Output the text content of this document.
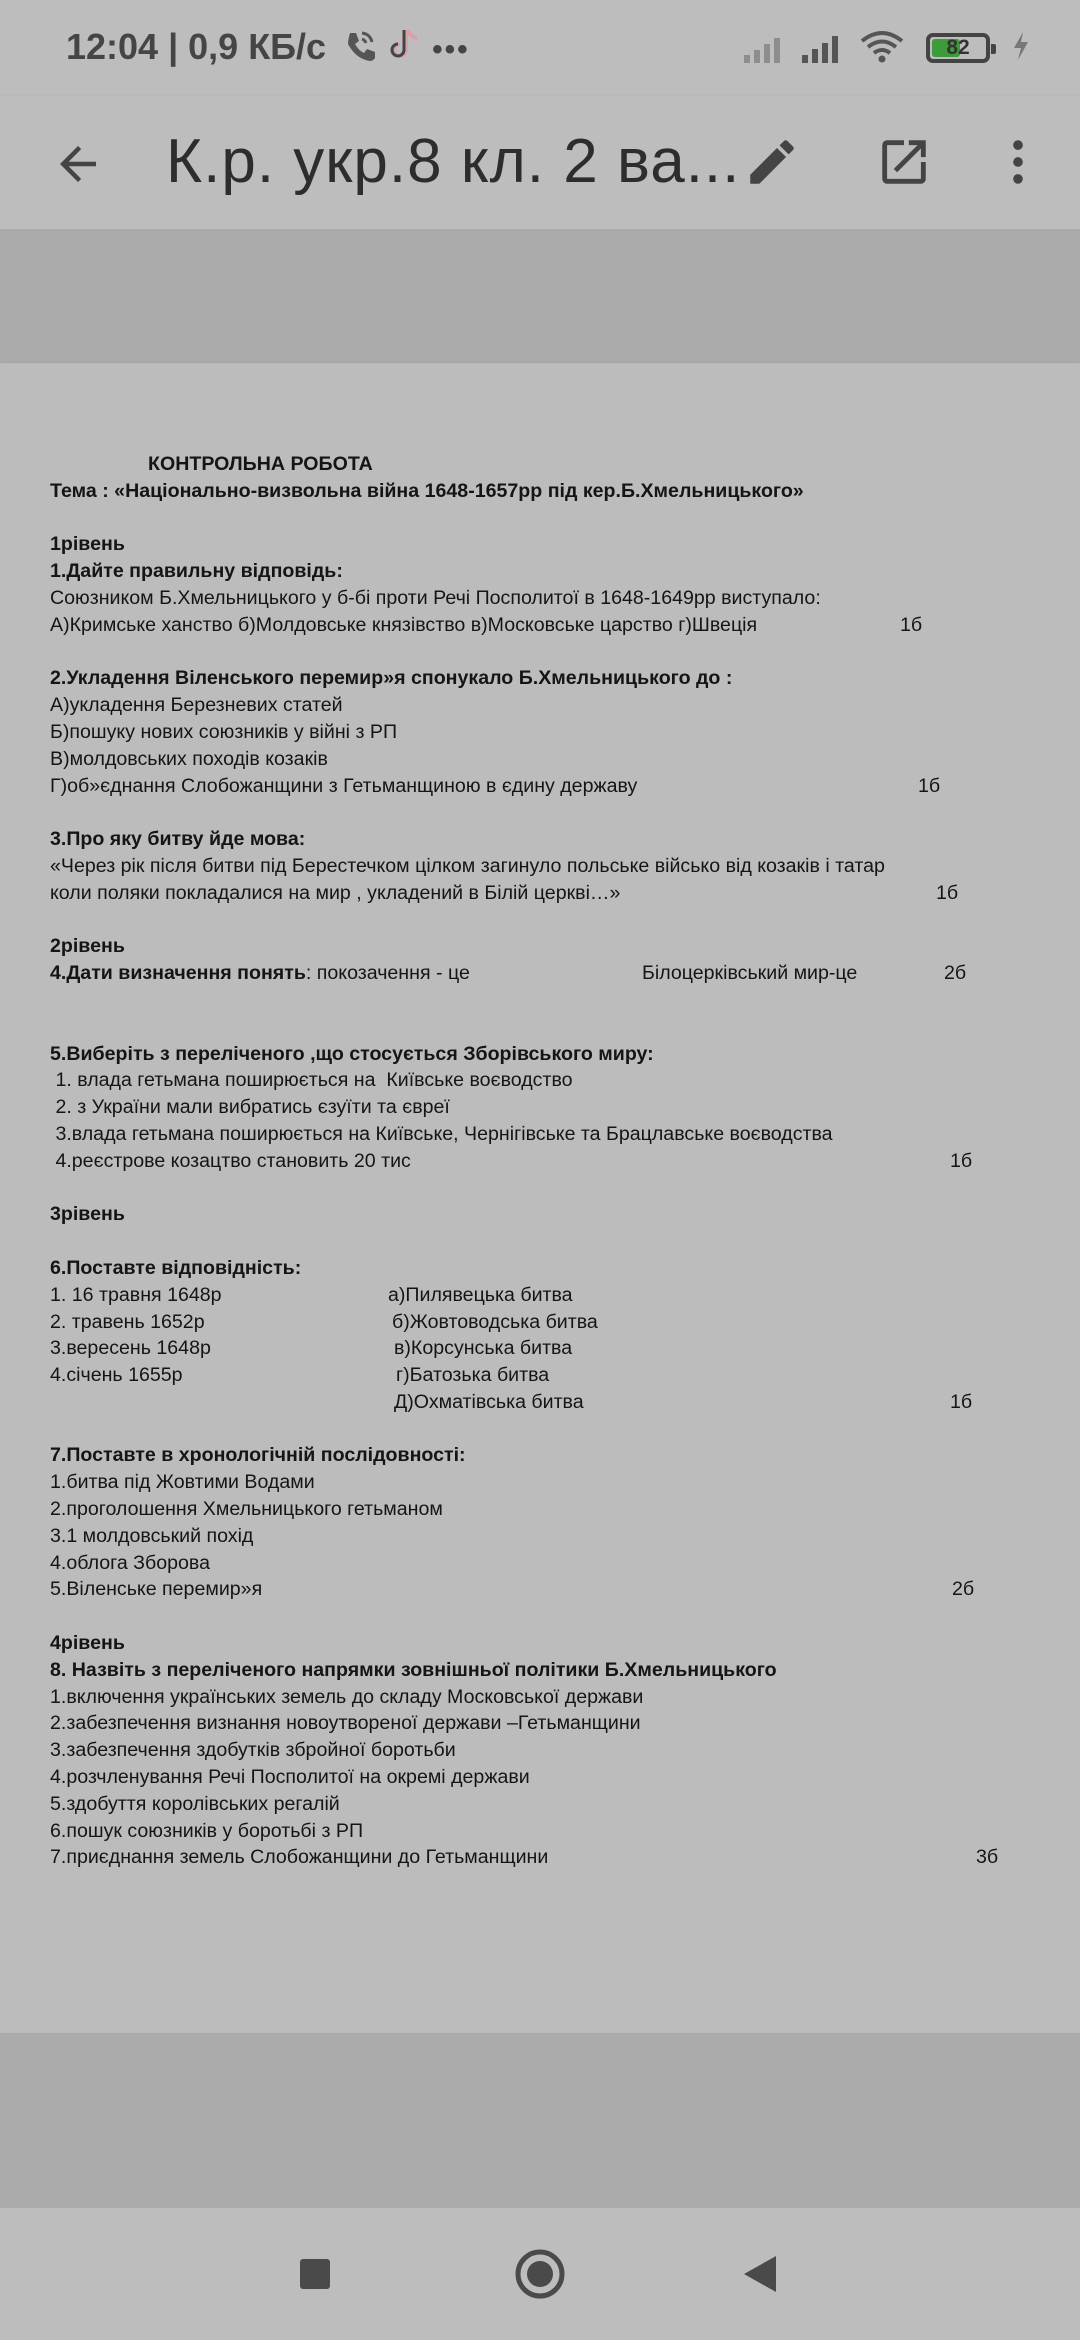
12:04 | 0,9 КБ/с	•••	82
К.р. укр.8 кл. 2 ва...
КОНТРОЛЬНА РОБОТА
Тема : «Національно-визвольна війна 1648-1657рр під кер.Б.Хмельницького»
1рівень
1.Дайте правильну відповідь:
Союзником Б.Хмельницького у б-бі проти Речі Посполитої в 1648-1649рр виступало:
А)Кримське ханство б)Молдовське князівство в)Московське царство г)Швеція	1б
2.Укладення Віленського перемир»я спонукало Б.Хмельницького до :
А)укладення Березневих статей
Б)пошуку нових союзників у війні з РП
В)молдовських походів козаків
Г)об»єднання Слобожанщини з Гетьманщиною в єдину державу	1б
3.Про яку битву йде мова:
«Через рік після битви під Берестечком цілком загинуло польське військо від козаків і татар
коли поляки покладалися на мир , укладений в Білій церкві…»	1б
2рівень
4.Дати визначення понять: покозачення - це	Білоцерківський мир-це	2б
5.Виберіть з переліченого ,що стосується Зборівського миру:
1. влада гетьмана поширюється на  Київське воєводство
2. з України мали вибратись єзуїти та євреї
3.влада гетьмана поширюється на Київське, Чернігівське та Брацлавське воєводства
4.реєстрове козацтво становить 20 тис	1б
3рівень
6.Поставте відповідність:
1. 16 травня 1648р	а)Пилявецька битва
2. травень 1652р	б)Жовтоводська битва
3.вересень 1648р	в)Корсунська битва
4.січень 1655р	г)Батозька битва
Д)Охматівська битва	1б
7.Поставте в хронологічній послідовності:
1.битва під Жовтими Водами
2.проголошення Хмельницького гетьманом
3.1 молдовський похід
4.облога Зборова
5.Віленське перемир»я	2б
4рівень
8. Назвіть з переліченого напрямки зовнішньої політики Б.Хмельницького
1.включення українських земель до складу Московської держави
2.забезпечення визнання новоутвореної держави –Гетьманщини
3.забезпечення здобутків збройної боротьби
4.розчленування Речі Посполитої на окремі держави
5.здобуття королівських регалій
6.пошук союзників у боротьбі з РП
7.приєднання земель Слобожанщини до Гетьманщини	3б
